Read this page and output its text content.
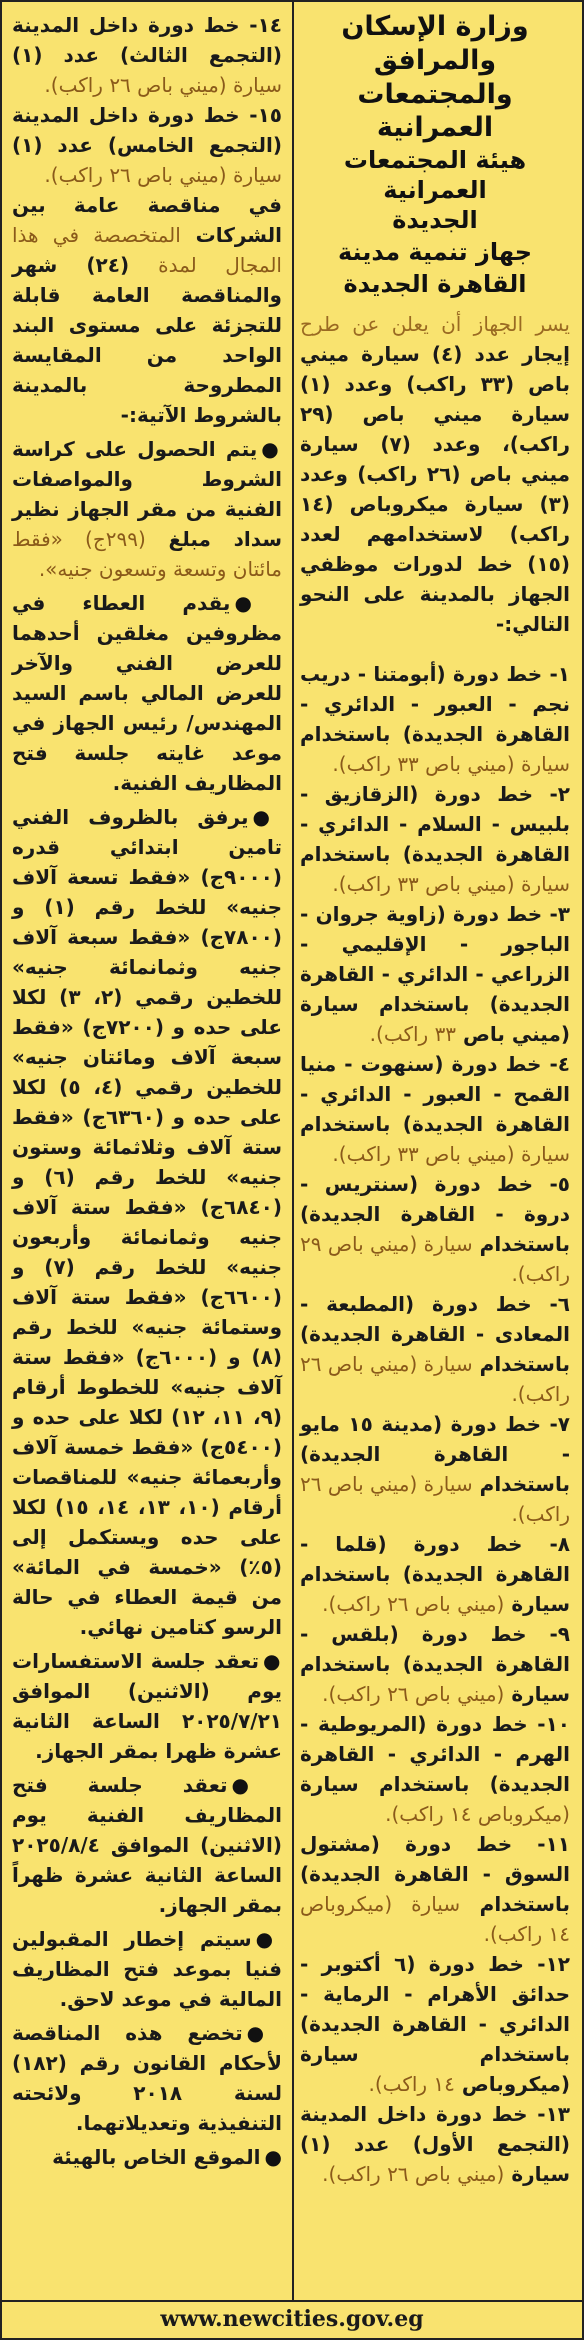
وزارة الإسكان والمرافق
والمجتمعات العمرانية
هيئة المجتمعات العمرانية
الجديدة
جهاز تنمية مدينة
القاهرة الجديدة

يسر الجهاز أن يعلن عن طرح إيجار عدد (٤) سيارة ميني باص (٣٣ راكب) وعدد (١) سيارة ميني باص (٢٩ راكب)، وعدد (٧) سيارة ميني باص (٢٦ راكب) وعدد (٣) سيارة ميكروباص (١٤ راكب) لاستخدامهم لعدد (١٥) خط لدورات موظفي الجهاز بالمدينة على النحو التالي:-

١- خط دورة (أبومتنا - دريب نجم - العبور - الدائري - القاهرة الجديدة) باستخدام سيارة (ميني باص ٣٣ راكب).

٢- خط دورة (الزقازيق - بلبيس - السلام - الدائري - القاهرة الجديدة) باستخدام سيارة (ميني باص ٣٣ راكب).

٣- خط دورة (زاوية جروان - الباجور - الإقليمي - الزراعي - الدائري - القاهرة الجديدة) باستخدام سيارة (ميني باص ٣٣ راكب).

٤- خط دورة (سنهوت - منيا القمح - العبور - الدائري - القاهرة الجديدة) باستخدام سيارة (ميني باص ٣٣ راكب).

٥- خط دورة (سنتريس - دروة - القاهرة الجديدة) باستخدام سيارة (ميني باص ٢٩ راكب).

٦- خط دورة (المطبعة - المعادى - القاهرة الجديدة) باستخدام سيارة (ميني باص ٢٦ راكب).

٧- خط دورة (مدينة ١٥ مايو - القاهرة الجديدة) باستخدام سيارة (ميني باص ٢٦ راكب).

٨- خط دورة (قلما - القاهرة الجديدة) باستخدام سيارة (ميني باص ٢٦ راكب).

٩- خط دورة (بلقس - القاهرة الجديدة) باستخدام سيارة (ميني باص ٢٦ راكب).

١٠- خط دورة (المريوطية - الهرم - الدائري - القاهرة الجديدة) باستخدام سيارة (ميكروباص ١٤ راكب).

١١- خط دورة (مشتول السوق - القاهرة الجديدة) باستخدام سيارة (ميكروباص ١٤ راكب).

١٢- خط دورة (٦ أكتوبر - حدائق الأهرام - الرماية - الدائري - القاهرة الجديدة) باستخدام سيارة (ميكروباص ١٤ راكب).

١٣- خط دورة داخل المدينة (التجمع الأول) عدد (١) سيارة (ميني باص ٢٦ راكب).

١٤- خط دورة داخل المدينة (التجمع الثالث) عدد (١) سيارة (ميني باص ٢٦ راكب).

١٥- خط دورة داخل المدينة (التجمع الخامس) عدد (١) سيارة (ميني باص ٢٦ راكب).

في مناقصة عامة بين الشركات المتخصصة في هذا المجال لمدة (٢٤) شهر والمناقصة العامة قابلة للتجزئة على مستوى البند الواحد من المقايسة المطروحة بالمدينة بالشروط الآتية:-

●يتم الحصول على كراسة الشروط والمواصفات الفنية من مقر الجهاز نظير سداد مبلغ (٢٩٩ج) «فقط مائتان وتسعة وتسعون جنيه».

●يقدم العطاء في مظروفين مغلقين أحدهما للعرض الفني والآخر للعرض المالي باسم السيد المهندس/ رئيس الجهاز في موعد غايته جلسة فتح المظاريف الفنية.

●يرفق بالظروف الفني تامين ابتدائي قدره (٩٠٠٠ج) «فقط تسعة آلاف جنيه» للخط رقم (١) و (٧٨٠٠ج) «فقط سبعة آلاف جنيه وثمانمائة جنيه» للخطين رقمي (٢، ٣) لكلا على حده و (٧٢٠٠ج) «فقط سبعة آلاف ومائتان جنيه» للخطين رقمي (٤، ٥) لكلا على حده و (٦٣٦٠ج) «فقط ستة آلاف وثلاثمائة وستون جنيه» للخط رقم (٦) و (٦٨٤٠ج) «فقط ستة آلاف جنيه وثمانمائة وأربعون جنيه» للخط رقم (٧) و (٦٦٠٠ج) «فقط ستة آلاف وستمائة جنيه» للخط رقم (٨) و (٦٠٠٠ج) «فقط ستة آلاف جنيه» للخطوط أرقام (٩، ١١، ١٢) لكلا على حده و (٥٤٠٠ج) «فقط خمسة آلاف وأربعمائة جنيه» للمناقصات أرقام (١٠، ١٣، ١٤، ١٥) لكلا على حده ويستكمل إلى (٥٪) «خمسة في المائة» من قيمة العطاء في حالة الرسو كتامين نهائي.

●تعقد جلسة الاستفسارات يوم (الاثنين) الموافق ٢٠٢٥/٧/٢١ الساعة الثانية عشرة ظهرا بمقر الجهاز.

●تعقد جلسة فتح المظاريف الفنية يوم (الاثنين) الموافق ٢٠٢٥/٨/٤ الساعة الثانية عشرة ظهراً بمقر الجهاز.

●سيتم إخطار المقبولين فنيا بموعد فتح المظاريف المالية في موعد لاحق.

●تخضع هذه المناقصة لأحكام القانون رقم (١٨٢) لسنة ٢٠١٨ ولائحته التنفيذية وتعديلاتهما.

●الموقع الخاص بالهيئة

www.newcities.gov.eg
